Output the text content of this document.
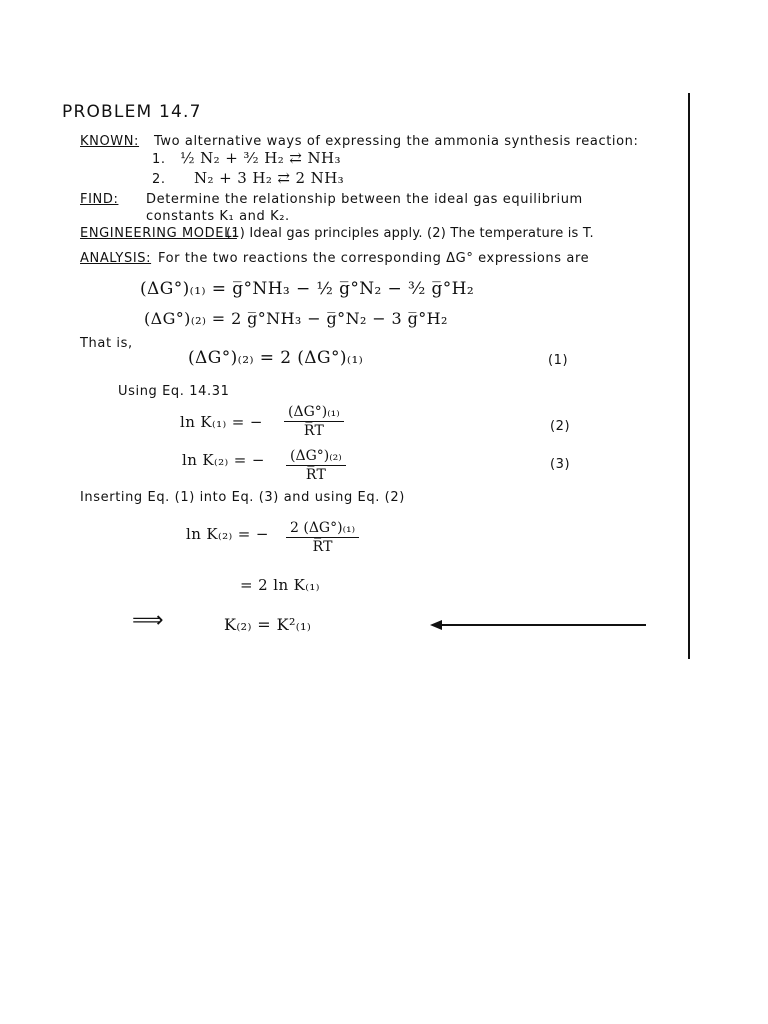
PROBLEM 14.7
KNOWN: Two alternative ways of expressing the ammonia synthesis reaction:
1. ½ N₂ + ³⁄₂ H₂ ⇄ NH₃
2. N₂ + 3 H₂ ⇄ 2 NH₃
FIND: Determine the relationship between the ideal gas equilibrium
constants K₁ and K₂.
ENGINEERING MODEL:
(1) Ideal gas principles apply. (2) The temperature is T.
ANALYSIS: For the two reactions the corresponding ΔG° expressions are
(ΔG°)₍₁₎ = g̅°NH₃ − ½ g̅°N₂ − ³⁄₂ g̅°H₂
(ΔG°)₍₂₎ = 2 g̅°NH₃ − g̅°N₂ − 3 g̅°H₂
That is,
(ΔG°)₍₂₎ = 2 (ΔG°)₍₁₎	(1)
Using Eq. 14.31
ln K₍₁₎ = − $\frac{\text{(ΔG°)₍₁₎}}{R̅T}$	(2)
ln K₍₂₎ = − $\frac{\text{(ΔG°)₍₂₎}}{R̅T}$	(3)
Inserting Eq. (1) into Eq. (3) and using Eq. (2)
ln K₍₂₎ = − $\frac{\text{2 (ΔG°)₍₁₎}}{R̅T}$
= 2 ln K₍₁₎
⟹	K₍₂₎ = K²₍₁₎
